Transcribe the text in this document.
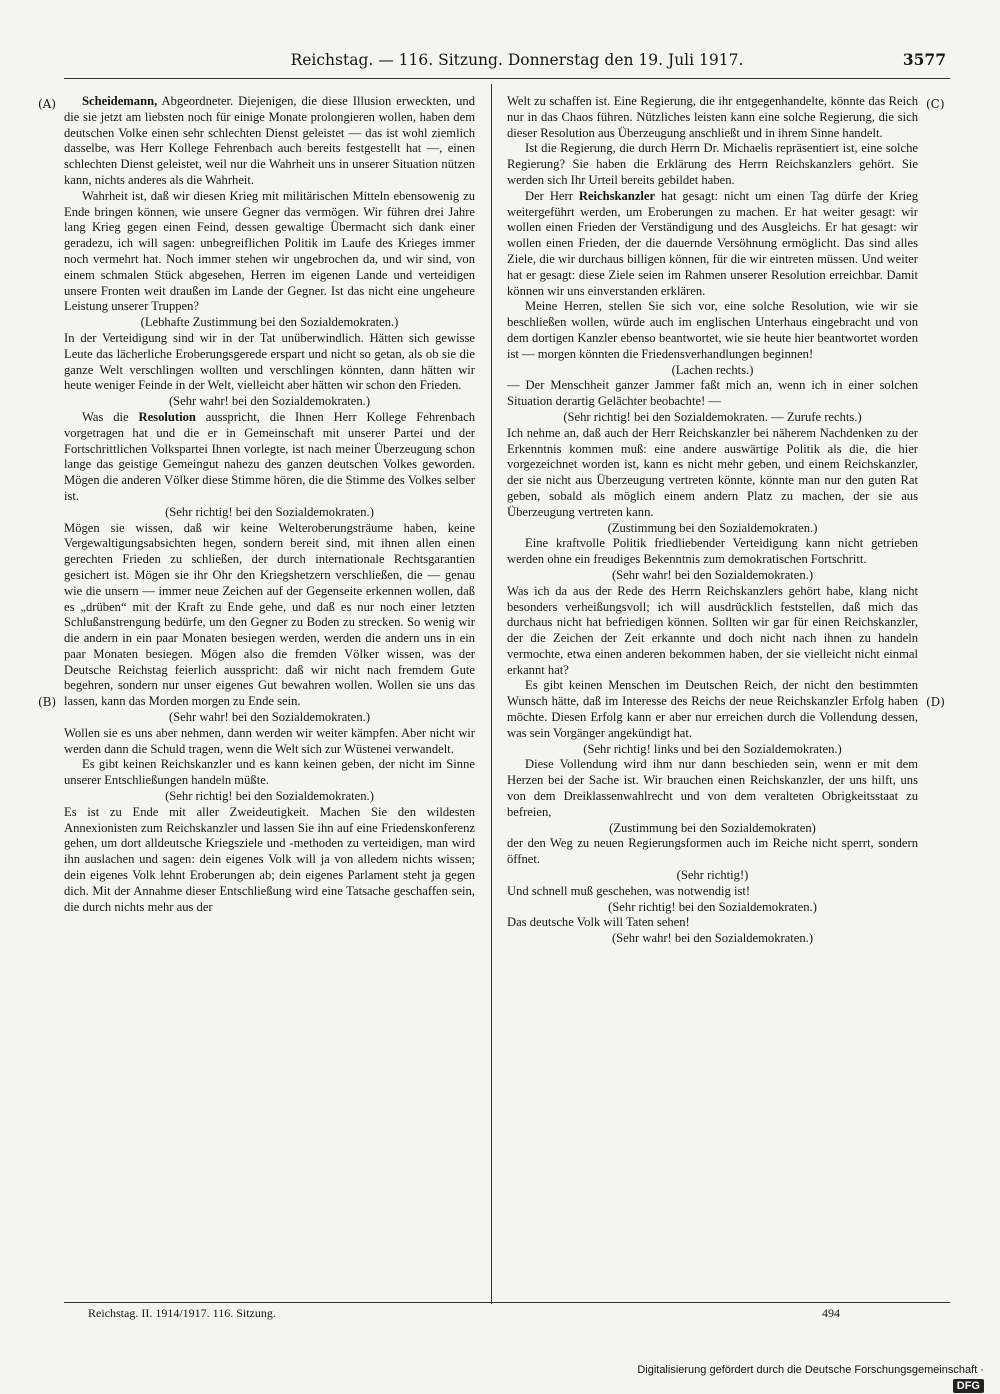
Reichstag. — 116. Sitzung. Donnerstag den 19. Juli 1917.	3577
(A)
(B)
(C)
(D)

Scheidemann, Abgeordneter. Diejenigen, die diese Illusion erweckten, und die sie jetzt am liebsten noch für einige Monate prolongieren wollen, haben dem deutschen Volke einen sehr schlechten Dienst geleistet — das ist wohl ziemlich dasselbe, was Herr Kollege Fehrenbach auch bereits festgestellt hat —, einen schlechten Dienst geleistet, weil nur die Wahrheit uns in unserer Situation nützen kann, nichts anderes als die Wahrheit.

Wahrheit ist, daß wir diesen Krieg mit militärischen Mitteln ebensowenig zu Ende bringen können, wie unsere Gegner das vermögen. Wir führen drei Jahre lang Krieg gegen einen Feind, dessen gewaltige Übermacht sich dank einer geradezu, ich will sagen: unbegreiflichen Politik im Laufe des Krieges immer noch vermehrt hat. Noch immer stehen wir ungebrochen da, und wir sind, von einem schmalen Stück abgesehen, Herren im eigenen Lande und verteidigen unsere Fronten weit draußen im Lande der Gegner. Ist das nicht eine ungeheure Leistung unserer Truppen?

(Lebhafte Zustimmung bei den Sozialdemokraten.)

In der Verteidigung sind wir in der Tat unüberwindlich. Hätten sich gewisse Leute das lächerliche Eroberungsgerede erspart und nicht so getan, als ob sie die ganze Welt verschlingen wollten und verschlingen könnten, dann hätten wir heute weniger Feinde in der Welt, vielleicht aber hätten wir schon den Frieden.

(Sehr wahr! bei den Sozialdemokraten.)

Was die Resolution ausspricht, die Ihnen Herr Kollege Fehrenbach vorgetragen hat und die er in Gemeinschaft mit unserer Partei und der Fortschrittlichen Volkspartei Ihnen vorlegte, ist nach meiner Überzeugung schon lange das geistige Gemeingut nahezu des ganzen deutschen Volkes geworden. Mögen die anderen Völker diese Stimme hören, die die Stimme des Volkes selber ist.

(Sehr richtig! bei den Sozialdemokraten.)

Mögen sie wissen, daß wir keine Welteroberungsträume haben, keine Vergewaltigungsabsichten hegen, sondern bereit sind, mit ihnen allen einen gerechten Frieden zu schließen, der durch internationale Rechtsgarantien gesichert ist. Mögen sie ihr Ohr den Kriegshetzern verschließen, die — genau wie die unsern — immer neue Zeichen auf der Gegenseite erkennen wollen, daß es „drüben“ mit der Kraft zu Ende gehe, und daß es nur noch einer letzten Schlußanstrengung bedürfe, um den Gegner zu Boden zu strecken. So wenig wir die andern in ein paar Monaten besiegen werden, werden die andern uns in ein paar Monaten besiegen. Mögen also die fremden Völker wissen, was der Deutsche Reichstag feierlich ausspricht: daß wir nicht nach fremdem Gute begehren, sondern nur unser eigenes Gut bewahren wollen. Wollen sie uns das lassen, kann das Morden morgen zu Ende sein.

(Sehr wahr! bei den Sozialdemokraten.)

Wollen sie es uns aber nehmen, dann werden wir weiter kämpfen. Aber nicht wir werden dann die Schuld tragen, wenn die Welt sich zur Wüstenei verwandelt.

Es gibt keinen Reichskanzler und es kann keinen geben, der nicht im Sinne unserer Entschließungen handeln müßte.

(Sehr richtig! bei den Sozialdemokraten.)

Es ist zu Ende mit aller Zweideutigkeit. Machen Sie den wildesten Annexionisten zum Reichskanzler und lassen Sie ihn auf eine Friedenskonferenz gehen, um dort alldeutsche Kriegsziele und -methoden zu verteidigen, man wird ihn auslachen und sagen: dein eigenes Volk will ja von alledem nichts wissen; dein eigenes Volk lehnt Eroberungen ab; dein eigenes Parlament steht ja gegen dich. Mit der Annahme dieser Entschließung wird eine Tatsache geschaffen sein, die durch nichts mehr aus der

Welt zu schaffen ist. Eine Regierung, die ihr entgegenhandelte, könnte das Reich nur in das Chaos führen. Nützliches leisten kann eine solche Regierung, die sich dieser Resolution aus Überzeugung anschließt und in ihrem Sinne handelt.

Ist die Regierung, die durch Herrn Dr. Michaelis repräsentiert ist, eine solche Regierung? Sie haben die Erklärung des Herrn Reichskanzlers gehört. Sie werden sich Ihr Urteil bereits gebildet haben.

Der Herr Reichskanzler hat gesagt: nicht um einen Tag dürfe der Krieg weitergeführt werden, um Eroberungen zu machen. Er hat weiter gesagt: wir wollen einen Frieden der Verständigung und des Ausgleichs. Er hat gesagt: wir wollen einen Frieden, der die dauernde Versöhnung ermöglicht. Das sind alles Ziele, die wir durchaus billigen können, für die wir eintreten müssen. Und weiter hat er gesagt: diese Ziele seien im Rahmen unserer Resolution erreichbar. Damit können wir uns einverstanden erklären.

Meine Herren, stellen Sie sich vor, eine solche Resolution, wie wir sie beschließen wollen, würde auch im englischen Unterhaus eingebracht und von dem dortigen Kanzler ebenso beantwortet, wie sie heute hier beantwortet worden ist — morgen könnten die Friedensverhandlungen beginnen!

(Lachen rechts.)

— Der Menschheit ganzer Jammer faßt mich an, wenn ich in einer solchen Situation derartig Gelächter beobachte! —

(Sehr richtig! bei den Sozialdemokraten. — Zurufe rechts.)

Ich nehme an, daß auch der Herr Reichskanzler bei näherem Nachdenken zu der Erkenntnis kommen muß: eine andere auswärtige Politik als die, die hier vorgezeichnet worden ist, kann es nicht mehr geben, und einem Reichskanzler, der sie nicht aus Überzeugung vertreten könnte, könnte man nur den guten Rat geben, sobald als möglich einem andern Platz zu machen, der sie aus Überzeugung vertreten kann.

(Zustimmung bei den Sozialdemokraten.)

Eine kraftvolle Politik friedliebender Verteidigung kann nicht getrieben werden ohne ein freudiges Bekenntnis zum demokratischen Fortschritt.

(Sehr wahr! bei den Sozialdemokraten.)

Was ich da aus der Rede des Herrn Reichskanzlers gehört habe, klang nicht besonders verheißungsvoll; ich will ausdrücklich feststellen, daß mich das durchaus nicht hat befriedigen können. Sollten wir gar für einen Reichskanzler, der die Zeichen der Zeit erkannte und doch nicht nach ihnen zu handeln vermochte, etwa einen anderen bekommen haben, der sie vielleicht nicht einmal erkannt hat?

Es gibt keinen Menschen im Deutschen Reich, der nicht den bestimmten Wunsch hätte, daß im Interesse des Reichs der neue Reichskanzler Erfolg haben möchte. Diesen Erfolg kann er aber nur erreichen durch die Vollendung dessen, was sein Vorgänger angekündigt hat.

(Sehr richtig! links und bei den Sozialdemokraten.)

Diese Vollendung wird ihm nur dann beschieden sein, wenn er mit dem Herzen bei der Sache ist. Wir brauchen einen Reichskanzler, der uns hilft, uns von dem Dreiklassenwahlrecht und von dem veralteten Obrigkeitsstaat zu befreien,

(Zustimmung bei den Sozialdemokraten)

der den Weg zu neuen Regierungsformen auch im Reiche nicht sperrt, sondern öffnet.

(Sehr richtig!)

Und schnell muß geschehen, was notwendig ist!

(Sehr richtig! bei den Sozialdemokraten.)

Das deutsche Volk will Taten sehen!

(Sehr wahr! bei den Sozialdemokraten.)

Reichstag. II. 1914/1917. 116. Sitzung.	494
Digitalisierung gefördert durch die Deutsche Forschungsgemeinschaft ·DFG
